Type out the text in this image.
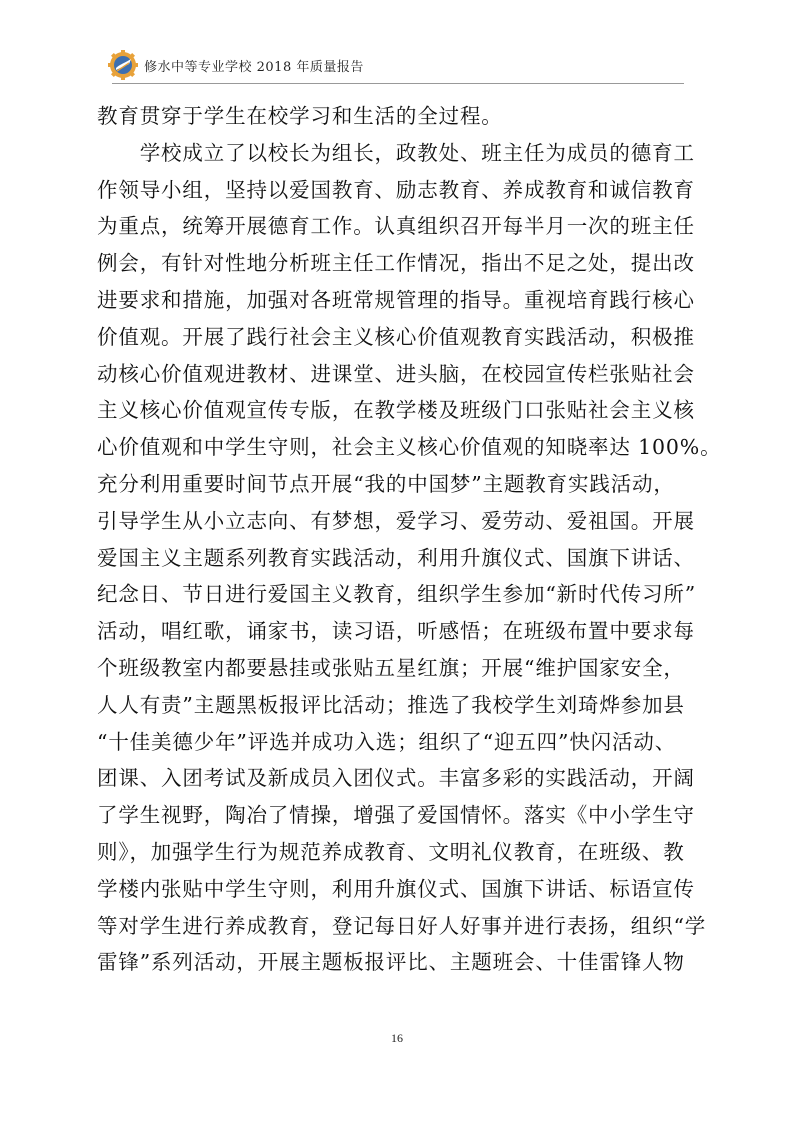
修水中等专业学校 2018 年质量报告
教育贯穿于学生在校学习和生活的全过程。
　　学校成立了以校长为组长，政教处、班主任为成员的德育工
作领导小组，坚持以爱国教育、励志教育、养成教育和诚信教育
为重点，统筹开展德育工作。认真组织召开每半月一次的班主任
例会，有针对性地分析班主任工作情况，指出不足之处，提出改
进要求和措施，加强对各班常规管理的指导。重视培育践行核心
价值观。开展了践行社会主义核心价值观教育实践活动，积极推
动核心价值观进教材、进课堂、进头脑，在校园宣传栏张贴社会
主义核心价值观宣传专版，在教学楼及班级门口张贴社会主义核
心价值观和中学生守则，社会主义核心价值观的知晓率达 100%。
充分利用重要时间节点开展“我的中国梦”主题教育实践活动，
引导学生从小立志向、有梦想，爱学习、爱劳动、爱祖国。开展
爱国主义主题系列教育实践活动，利用升旗仪式、国旗下讲话、
纪念日、节日进行爱国主义教育，组织学生参加“新时代传习所”
活动，唱红歌，诵家书，读习语，听感悟；在班级布置中要求每
个班级教室内都要悬挂或张贴五星红旗；开展“维护国家安全，
人人有责”主题黑板报评比活动；推选了我校学生刘琦烨参加县
“十佳美德少年”评选并成功入选；组织了“迎五四”快闪活动、
团课、入团考试及新成员入团仪式。丰富多彩的实践活动，开阔
了学生视野，陶冶了情操，增强了爱国情怀。落实《中小学生守
则》，加强学生行为规范养成教育、文明礼仪教育，在班级、教
学楼内张贴中学生守则，利用升旗仪式、国旗下讲话、标语宣传
等对学生进行养成教育，登记每日好人好事并进行表扬，组织“学
雷锋”系列活动，开展主题板报评比、主题班会、十佳雷锋人物
16
